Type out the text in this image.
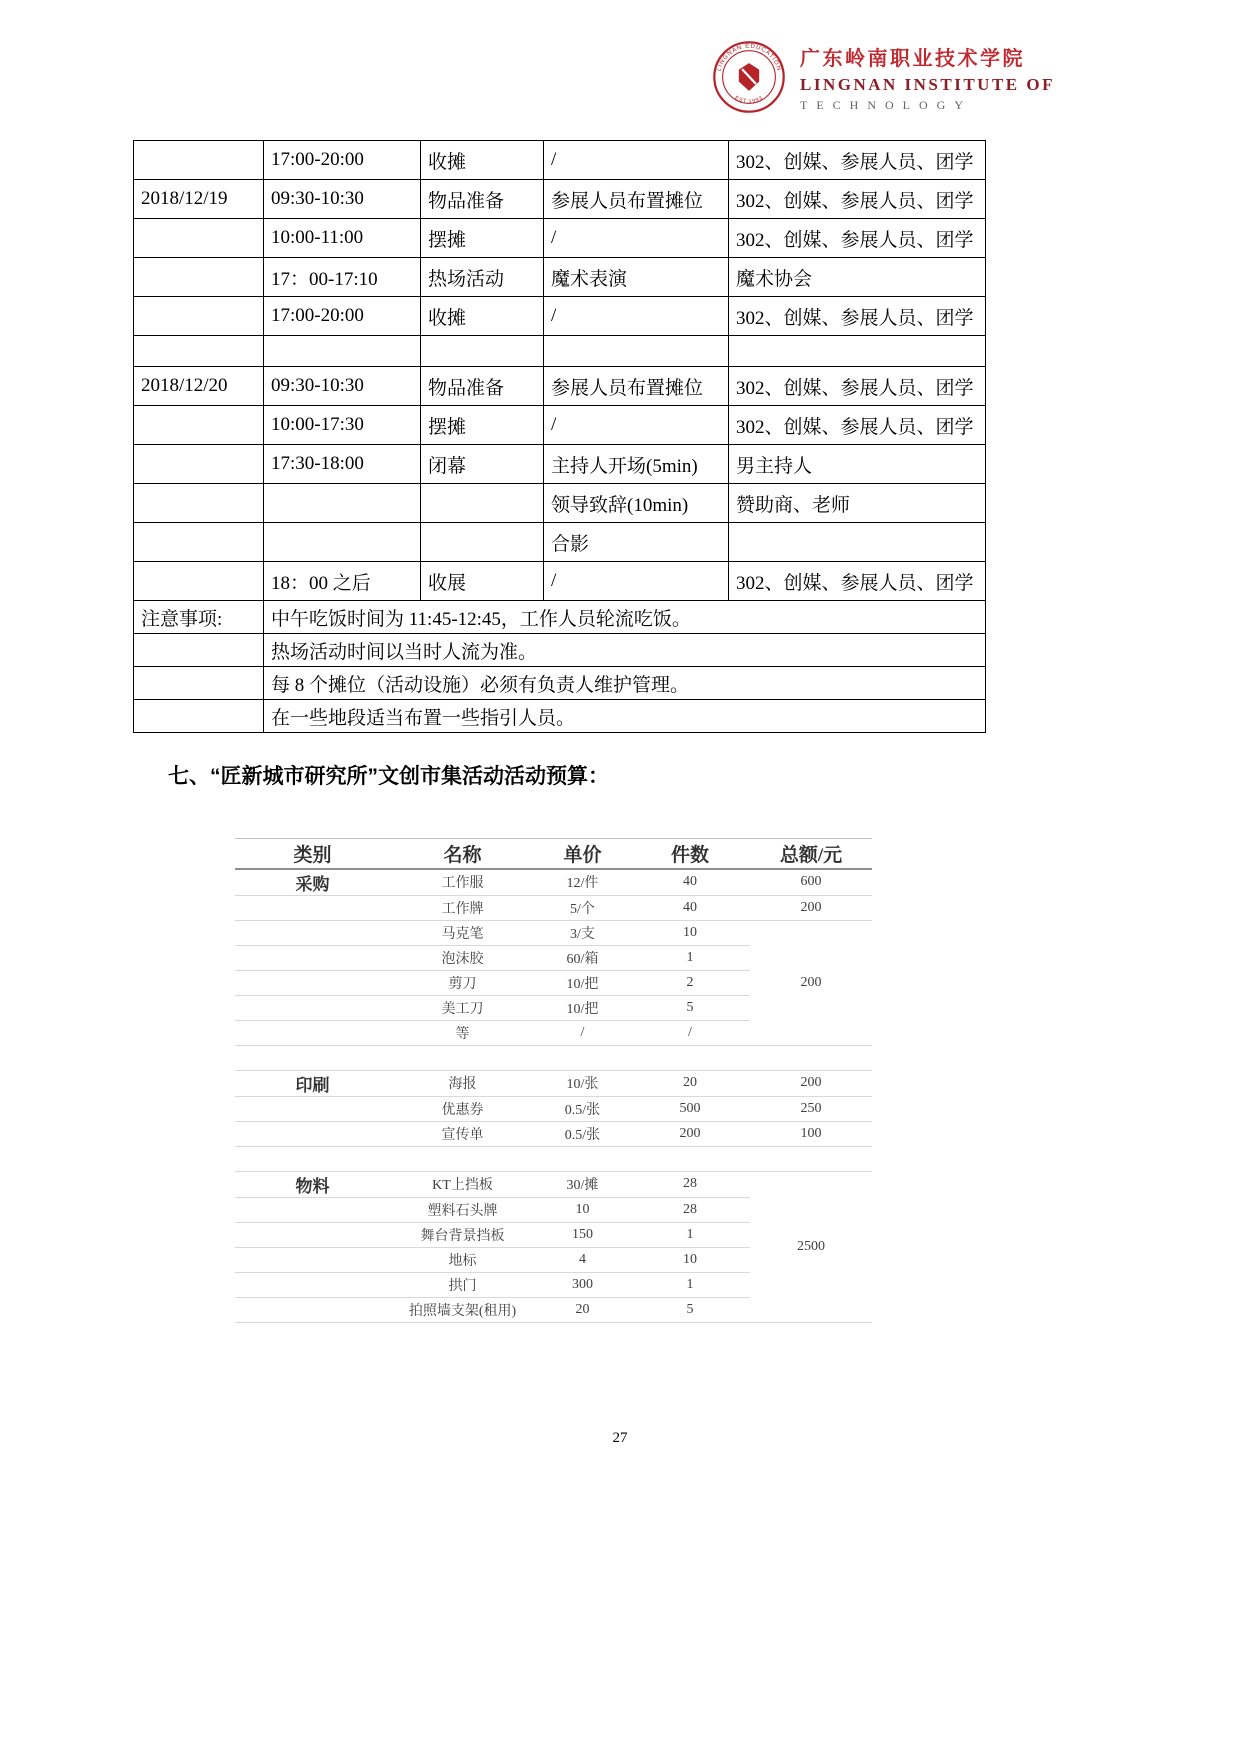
LINGNAN EDUCATION
EST.1993
广东岭南职业技术学院
LINGNAN INSTITUTE OF
TECHNOLOGY
	17:00-20:00	收摊	/	302、创媒、参展人员、团学
2018/12/19	09:30-10:30	物品准备	参展人员布置摊位	302、创媒、参展人员、团学
	10:00-11:00	摆摊	/	302、创媒、参展人员、团学
	17：00-17:10	热场活动	魔术表演	魔术协会
	17:00-20:00	收摊	/	302、创媒、参展人员、团学

2018/12/20	09:30-10:30	物品准备	参展人员布置摊位	302、创媒、参展人员、团学
	10:00-17:30	摆摊	/	302、创媒、参展人员、团学
	17:30-18:00	闭幕	主持人开场(5min)	男主持人
			领导致辞(10min)	赞助商、老师
			合影	
	18：00 之后	收展	/	302、创媒、参展人员、团学
注意事项:	中午吃饭时间为 11:45-12:45，工作人员轮流吃饭。			
	热场活动时间以当时人流为准。			
	每 8 个摊位（活动设施）必须有负责人维护管理。			
	在一些地段适当布置一些指引人员。			
七、“匠新城市研究所”文创市集活动活动预算：
类别	名称	单价	件数	总额/元
采购	工作服	12/件	40	600
	工作牌	5/个	40	200
	马克笔	3/支	10	200
	泡沫胶	60/箱	1	
	剪刀	10/把	2	
	美工刀	10/把	5	
	等	/	/	

印刷	海报	10/张	20	200
	优惠券	0.5/张	500	250
	宣传单	0.5/张	200	100

物料	KT上挡板	30/摊	28	2500
	塑料石头牌	10	28	
	舞台背景挡板	150	1	
	地标	4	10	
	拱门	300	1	
	拍照墙支架(租用)	20	5	
27
